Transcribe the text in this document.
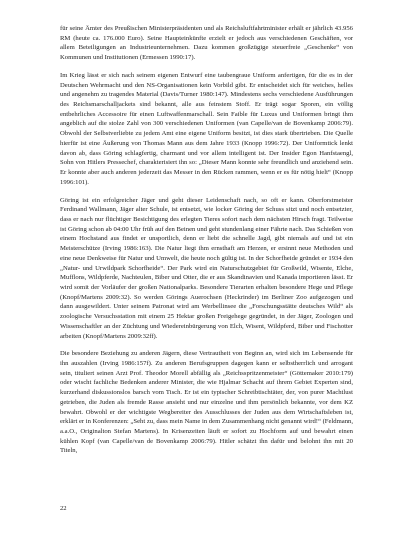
für seine Ämter des Preußischen Ministerpräsidenten und als Reichsluftfahrtminister erhält er jährlich 43.956 RM (heute ca. 176.000 Euro). Seine Haupteinkünfte erzielt er jedoch aus verschiedenen Geschäften, vor allem Beteiligungen an Industrieunternehmen. Dazu kommen großzügige steuerfreie „Geschenke“ von Kommunen und Institutionen (Ermessen 1990:17).

Im Krieg lässt er sich nach seinem eigenen Entwurf eine taubengraue Uniform anfertigen, für die es in der Deutschen Wehrmacht und den NS-Organisationen kein Vorbild gibt. Er entscheidet sich für weiches, helles und angenehm zu tragendes Material (Davis/Turner 1980:147). Mindestens sechs verschiedene Ausführungen des Reichsmarschalljackets sind bekannt, alle aus feinstem Stoff. Er trägt sogar Sporen, ein völlig entbehrliches Accessoire für einen Luftwaffenmarschall. Sein Faible für Luxus und Uniformen bringt ihm angeblich auf die stolze Zahl von 300 verschiedenen Uniformen (van Capelle/van de Bovenkamp 2006:79). Obwohl der Selbstverliebte zu jedem Amt eine eigene Uniform besitzt, ist dies stark übertrieben. Die Quelle hierfür ist eine Äußerung von Thomas Mann aus dem Jahre 1933 (Knopp 1996:72). Der Uniformtick lenkt davon ab, dass Göring schlagfertig, charmant und vor allem intelligent ist. Der Insider Egon Hanfstaengl, Sohn von Hitlers Pressechef, charakterisiert ihn so: „Dieser Mann konnte sehr freundlich und anziehend sein. Er konnte aber auch anderen jederzeit das Messer in den Rücken rammen, wenn er es für nötig hielt“ (Knopp 1996:101).

Göring ist ein erfolgreicher Jäger und geht dieser Leidenschaft nach, so oft er kann. Oberforstmeister Ferdinand Wallmann, Jäger alter Schule, ist entsetzt, wie locker Göring der Schuss sitzt und noch entsetzter, dass er nach nur flüchtiger Besichtigung des erlegten Tieres sofort nach dem nächsten Hirsch fragt. Teilweise ist Göring schon ab 04:00 Uhr früh auf den Beinen und geht stundenlang einer Fährte nach. Das Schießen von einem Hochstand aus findet er unsportlich, denn er liebt die schnelle Jagd, gibt niemals auf und ist ein Meisterschütze (Irving 1986:163). Die Natur liegt ihm ernsthaft am Herzen, er ersinnt neue Methoden und eine neue Denkweise für Natur und Umwelt, die heute noch gültig ist. In der Schorfheide gründet er 1934 den „Natur- und Urwildpark Schorfheide“. Der Park wird ein Naturschutzgebiet für Großwild, Wisente, Elche, Mufflons, Wildpferde, Nachteulen, Biber und Otter, die er aus Skandinavien und Kanada importieren lässt. Er wird somit der Vorläufer der großen Nationalparks. Besondere Tierarten erhalten besondere Hege und Pflege (Knopf/Martens 2009:32). So werden Görings Auerochsen (Heckrinder) im Berliner Zoo aufgezogen und dann ausgewildert. Unter seinem Patronat wird am Werbellinsee die „Forschungsstätte deutsches Wild“ als zoologische Versuchsstation mit einem 25 Hektar großen Freigehege gegründet, in der Jäger, Zoologen und Wissenschaftler an der Züchtung und Wiedereinbürgerung von Elch, Wisent, Wildpferd, Biber und Fischotter arbeiten (Knopf/Martens 2009:32ff).

Die besondere Beziehung zu anderen Jägern, diese Vertrautheit von Beginn an, wird sich im Lebensende für ihn auszahlen (Irving 1986:157f). Zu anderen Berufsgruppen dagegen kann er selbstherrlich und arrogant sein, tituliert seinen Arzt Prof. Theodor Morell abfällig als „Reichsspritzenmeister“ (Göttemaker 2010:179) oder wischt fachliche Bedenken anderer Minister, die wie Hjalmar Schacht auf ihrem Gebiet Experten sind, kurzerhand diskussionslos barsch vom Tisch. Er ist ein typischer Schreibtischtäter, der, von purer Machtlust getrieben, die Juden als fremde Rasse ansieht und nur einzelne und ihm persönlich bekannte, vor dem KZ bewahrt. Obwohl er der wichtigste Wegbereiter des Ausschlusses der Juden aus dem Wirtschaftsleben ist, erklärt er in Konferenzen: „Seht zu, dass mein Name in dem Zusammenhang nicht genannt wird!“ (Feldmann, a.a.O., Originalton Stefan Martens). In Krisenzeiten läuft er sofort zu Hochform auf und bewahrt einen kühlen Kopf (van Capelle/van de Bovenkamp 2006:79). Hitler schätzt ihn dafür und belohnt ihn mit 20 Titeln,

22
